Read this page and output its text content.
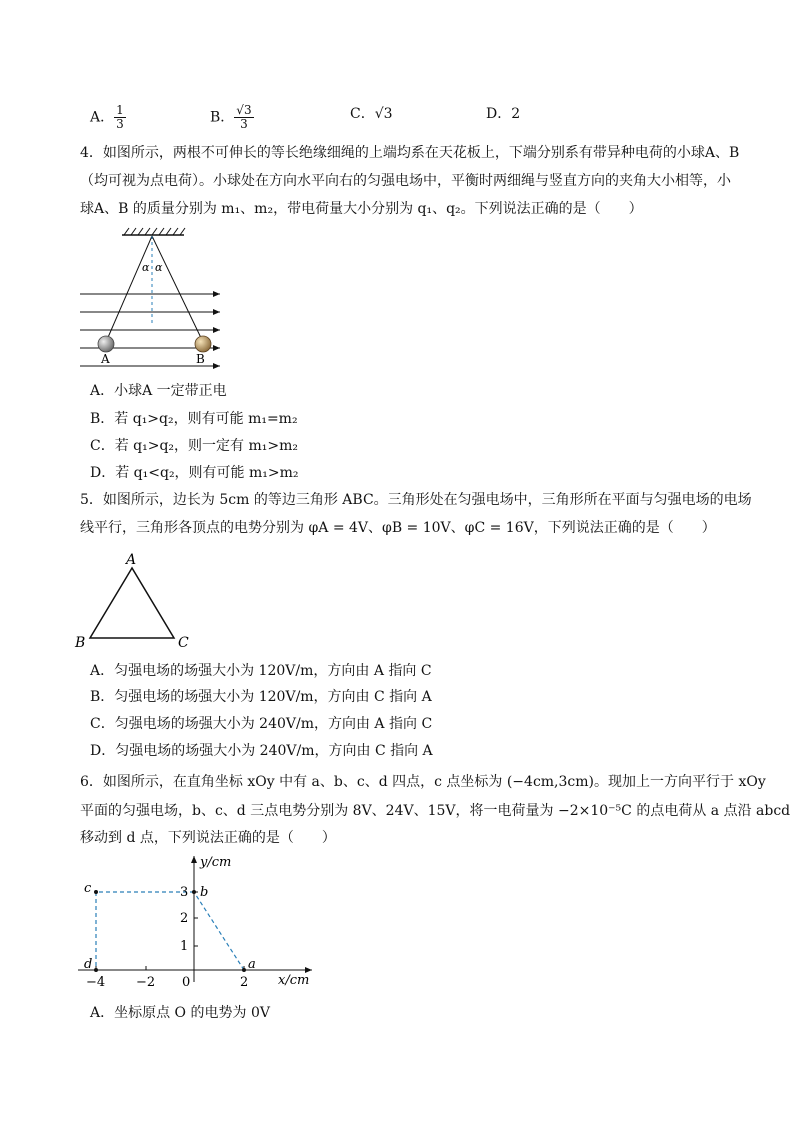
A． $\frac{1}{3}$	B． $\frac{√3}{3}$	C．√3	D．2
4．如图所示，两根不可伸长的等长绝缘细绳的上端均系在天花板上，下端分别系有带异种电荷的小球A、B
（均可视为点电荷）。小球处在方向水平向右的匀强电场中，平衡时两细绳与竖直方向的夹角大小相等，小
球A、B 的质量分别为 m₁、m₂，带电荷量大小分别为 q₁、q₂。下列说法正确的是（　　）
α α
A	B
A．小球A 一定带正电
B．若 q₁>q₂，则有可能 m₁=m₂
C．若 q₁>q₂，则一定有 m₁>m₂
D．若 q₁<q₂，则有可能 m₁>m₂
5．如图所示，边长为 5cm 的等边三角形 ABC。三角形处在匀强电场中，三角形所在平面与匀强电场的电场
线平行，三角形各顶点的电势分别为 φA = 4V、φB = 10V、φC = 16V，下列说法正确的是（　　）
A
B	C
A．匀强电场的场强大小为 120V/m，方向由 A 指向 C
B．匀强电场的场强大小为 120V/m，方向由 C 指向 A
C．匀强电场的场强大小为 240V/m，方向由 A 指向 C
D．匀强电场的场强大小为 240V/m，方向由 C 指向 A
6．如图所示，在直角坐标 xOy 中有 a、b、c、d 四点，c 点坐标为 (−4cm,3cm)。现加上一方向平行于 xOy
平面的匀强电场，b、c、d 三点电势分别为 8V、24V、15V，将一电荷量为 −2×10⁻⁵C 的点电荷从 a 点沿 abcd
移动到 d 点，下列说法正确的是（　　）
y/cm
x/cm
1
2
3
−4 −2 0	2
a
b
c
d
A．坐标原点 O 的电势为 0V
